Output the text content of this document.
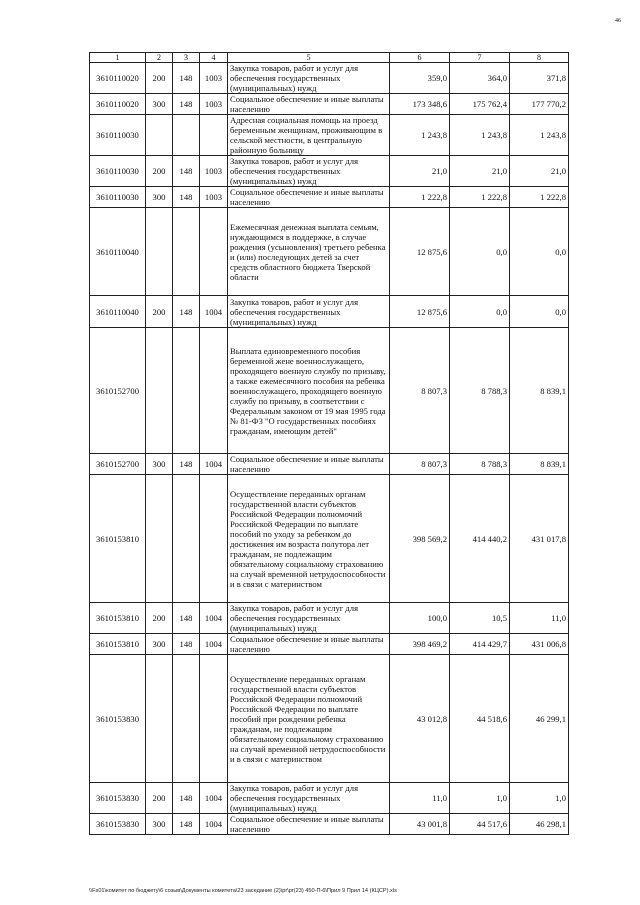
46
1	2	3	4	5	6	7	8
3610110020	200	148	1003	Закупка товаров, работ и услуг для обеспечения государственных (муниципальных) нужд	359,0	364,0	371,8
3610110020	300	148	1003	Социальное обеспечение и иные выплаты населению	173 348,6	175 762,4	177 770,2
3610110030				Адресная социальная помощь на проезд беременным женщинам, проживающим в сельской местности, в центральную районную больницу	1 243,8	1 243,8	1 243,8
3610110030	200	148	1003	Закупка товаров, работ и услуг для обеспечения государственных (муниципальных) нужд	21,0	21,0	21,0
3610110030	300	148	1003	Социальное обеспечение и иные выплаты населению	1 222,8	1 222,8	1 222,8
3610110040				Ежемесячная денежная выплата семьям, нуждающимся в поддержке, в случае рождения (усыновления) третьего ребенка и (или) последующих детей за счет средств областного бюджета Тверской области	12 875,6	0,0	0,0
3610110040	200	148	1004	Закупка товаров, работ и услуг для обеспечения государственных (муниципальных) нужд	12 875,6	0,0	0,0
3610152700				Выплата единовременного пособия беременной жене военнослужащего, проходящего военную службу по призыву, а также ежемесячного пособия на ребенка военнослужащего, проходящего военную службу по призыву, в соответствии с Федеральным законом от 19 мая 1995 года № 81-ФЗ "О государственных пособиях гражданам, имеющим детей"	8 807,3	8 788,3	8 839,1
3610152700	300	148	1004	Социальное обеспечение и иные выплаты населению	8 807,3	8 788,3	8 839,1
3610153810				Осуществление переданных органам государственной власти субъектов Российской Федерации полномочий Российской Федерации по выплате пособий по уходу за ребенком до достижения им возраста полутора лет гражданам, не подлежащим обязательному социальному страхованию на случай временной нетрудоспособности и в связи с материнством	398 569,2	414 440,2	431 017,8
3610153810	200	148	1004	Закупка товаров, работ и услуг для обеспечения государственных (муниципальных) нужд	100,0	10,5	11,0
3610153810	300	148	1004	Социальное обеспечение и иные выплаты населению	398 469,2	414 429,7	431 006,8
3610153830				Осуществление переданных органам государственной власти субъектов Российской Федерации полномочий Российской Федерации по выплате пособий при рождении ребенка гражданам, не подлежащим обязательному социальному страхованию на случай временной нетрудоспособности и в связи с материнством	43 012,8	44 518,6	46 299,1
3610153830	200	148	1004	Закупка товаров, работ и услуг для обеспечения государственных (муниципальных) нужд	11,0	1,0	1,0
3610153830	300	148	1004	Социальное обеспечение и иные выплаты населению	43 001,8	44 517,6	46 298,1
\\Fs01\комитет по бюджету\6 созыв\Документы комитета\23 заседание (2)\pr\pr(23) 450-П-6\Прил 9 Прил 14 (КЦСР).xls
